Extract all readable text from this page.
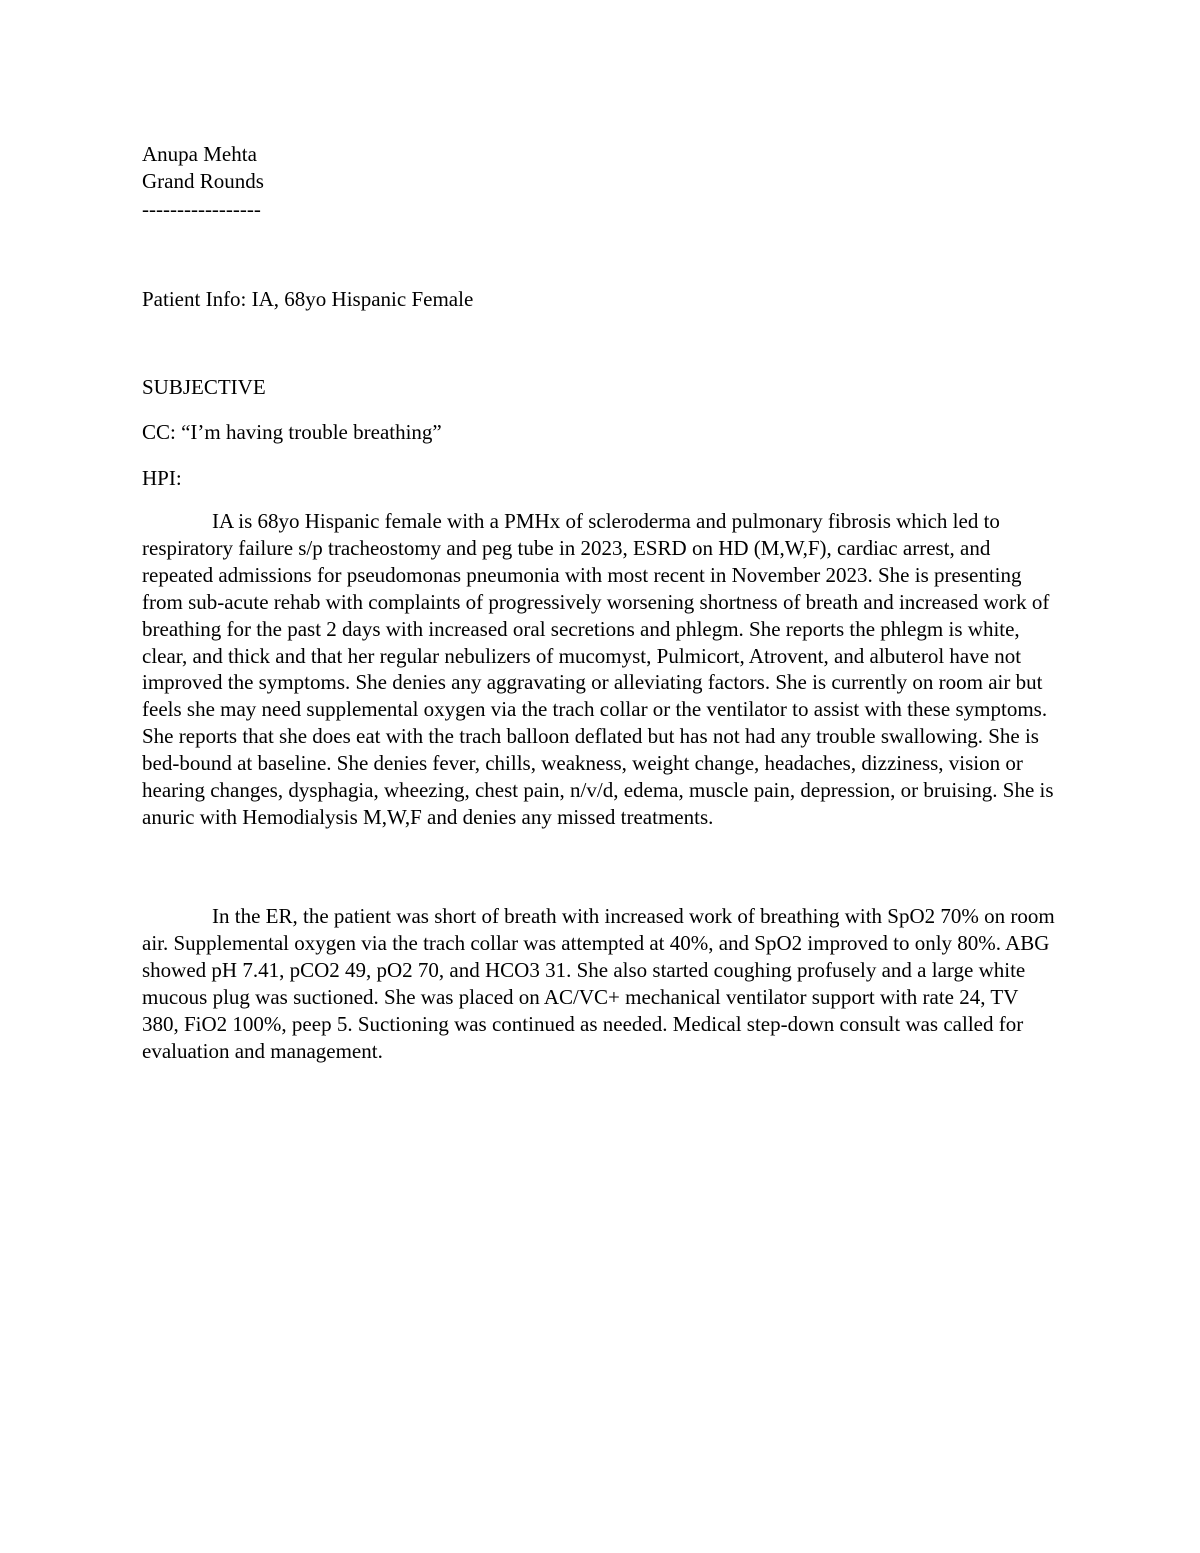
Anupa Mehta
Grand Rounds
-----------------
Patient Info: IA, 68yo Hispanic Female
SUBJECTIVE
CC: “I’m having trouble breathing”
HPI:
IA is 68yo Hispanic female with a PMHx of scleroderma and pulmonary fibrosis which led to respiratory failure s/p tracheostomy and peg tube in 2023, ESRD on HD (M,W,F), cardiac arrest, and repeated admissions for pseudomonas pneumonia with most recent in November 2023. She is presenting from sub-acute rehab with complaints of progressively worsening shortness of breath and increased work of breathing for the past 2 days with increased oral secretions and phlegm. She reports the phlegm is white, clear, and thick and that her regular nebulizers of mucomyst, Pulmicort, Atrovent, and albuterol have not improved the symptoms. She denies any aggravating or alleviating factors. She is currently on room air but feels she may need supplemental oxygen via the trach collar or the ventilator to assist with these symptoms. She reports that she does eat with the trach balloon deflated but has not had any trouble swallowing. She is bed-bound at baseline. She denies fever, chills, weakness, weight change, headaches, dizziness, vision or hearing changes, dysphagia, wheezing, chest pain, n/v/d, edema, muscle pain, depression, or bruising. She is anuric with Hemodialysis M,W,F and denies any missed treatments.
In the ER, the patient was short of breath with increased work of breathing with SpO2 70% on room air. Supplemental oxygen via the trach collar was attempted at 40%, and SpO2 improved to only 80%. ABG showed pH 7.41, pCO2 49, pO2 70, and HCO3 31. She also started coughing profusely and a large white mucous plug was suctioned. She was placed on AC/VC+ mechanical ventilator support with rate 24, TV 380, FiO2 100%, peep 5. Suctioning was continued as needed. Medical step-down consult was called for evaluation and management.
